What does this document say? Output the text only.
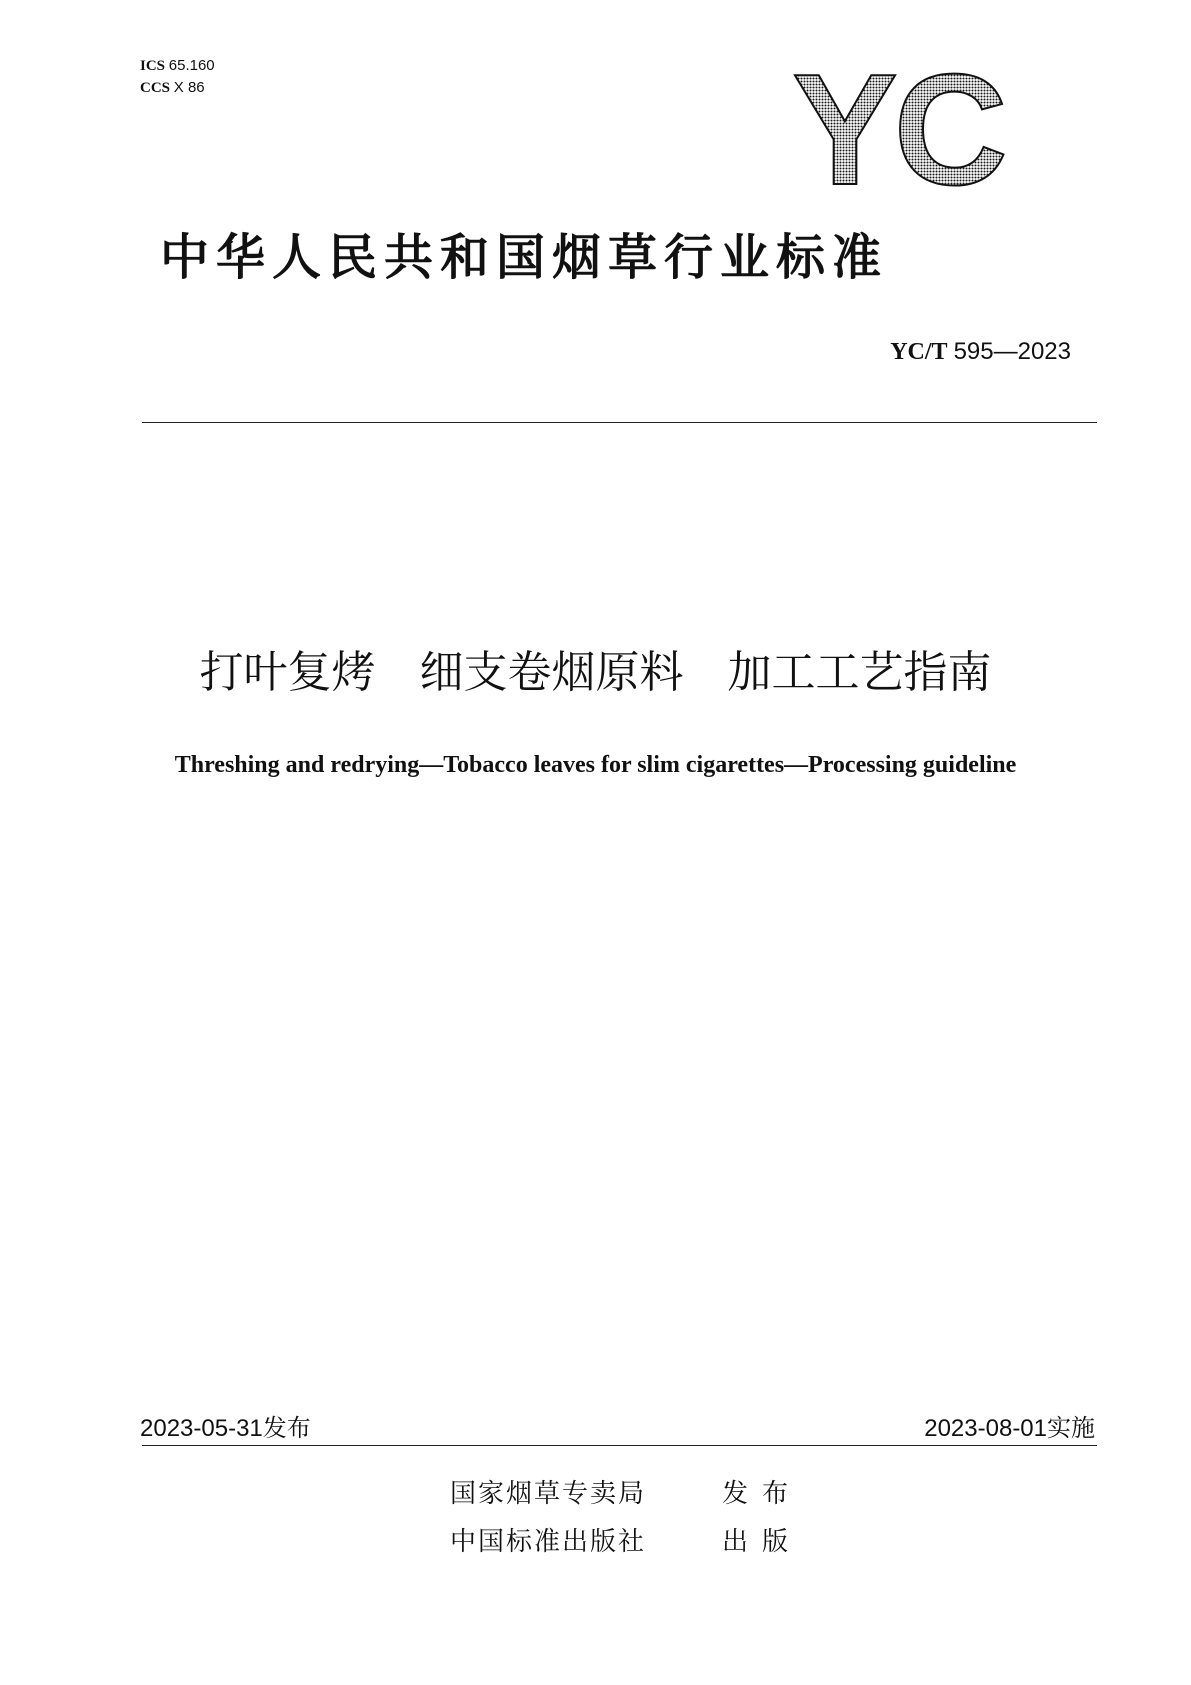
ICS 65.160
CCS X 86	YC
中华人民共和国烟草行业标准
YC/T 595—2023
打叶复烤　细支卷烟原料　加工工艺指南
Threshing and redrying—Tobacco leaves for slim cigarettes—Processing guideline
2023-05-31发布	2023-08-01实施
国家烟草专卖局	发布
中国标准出版社	出版
